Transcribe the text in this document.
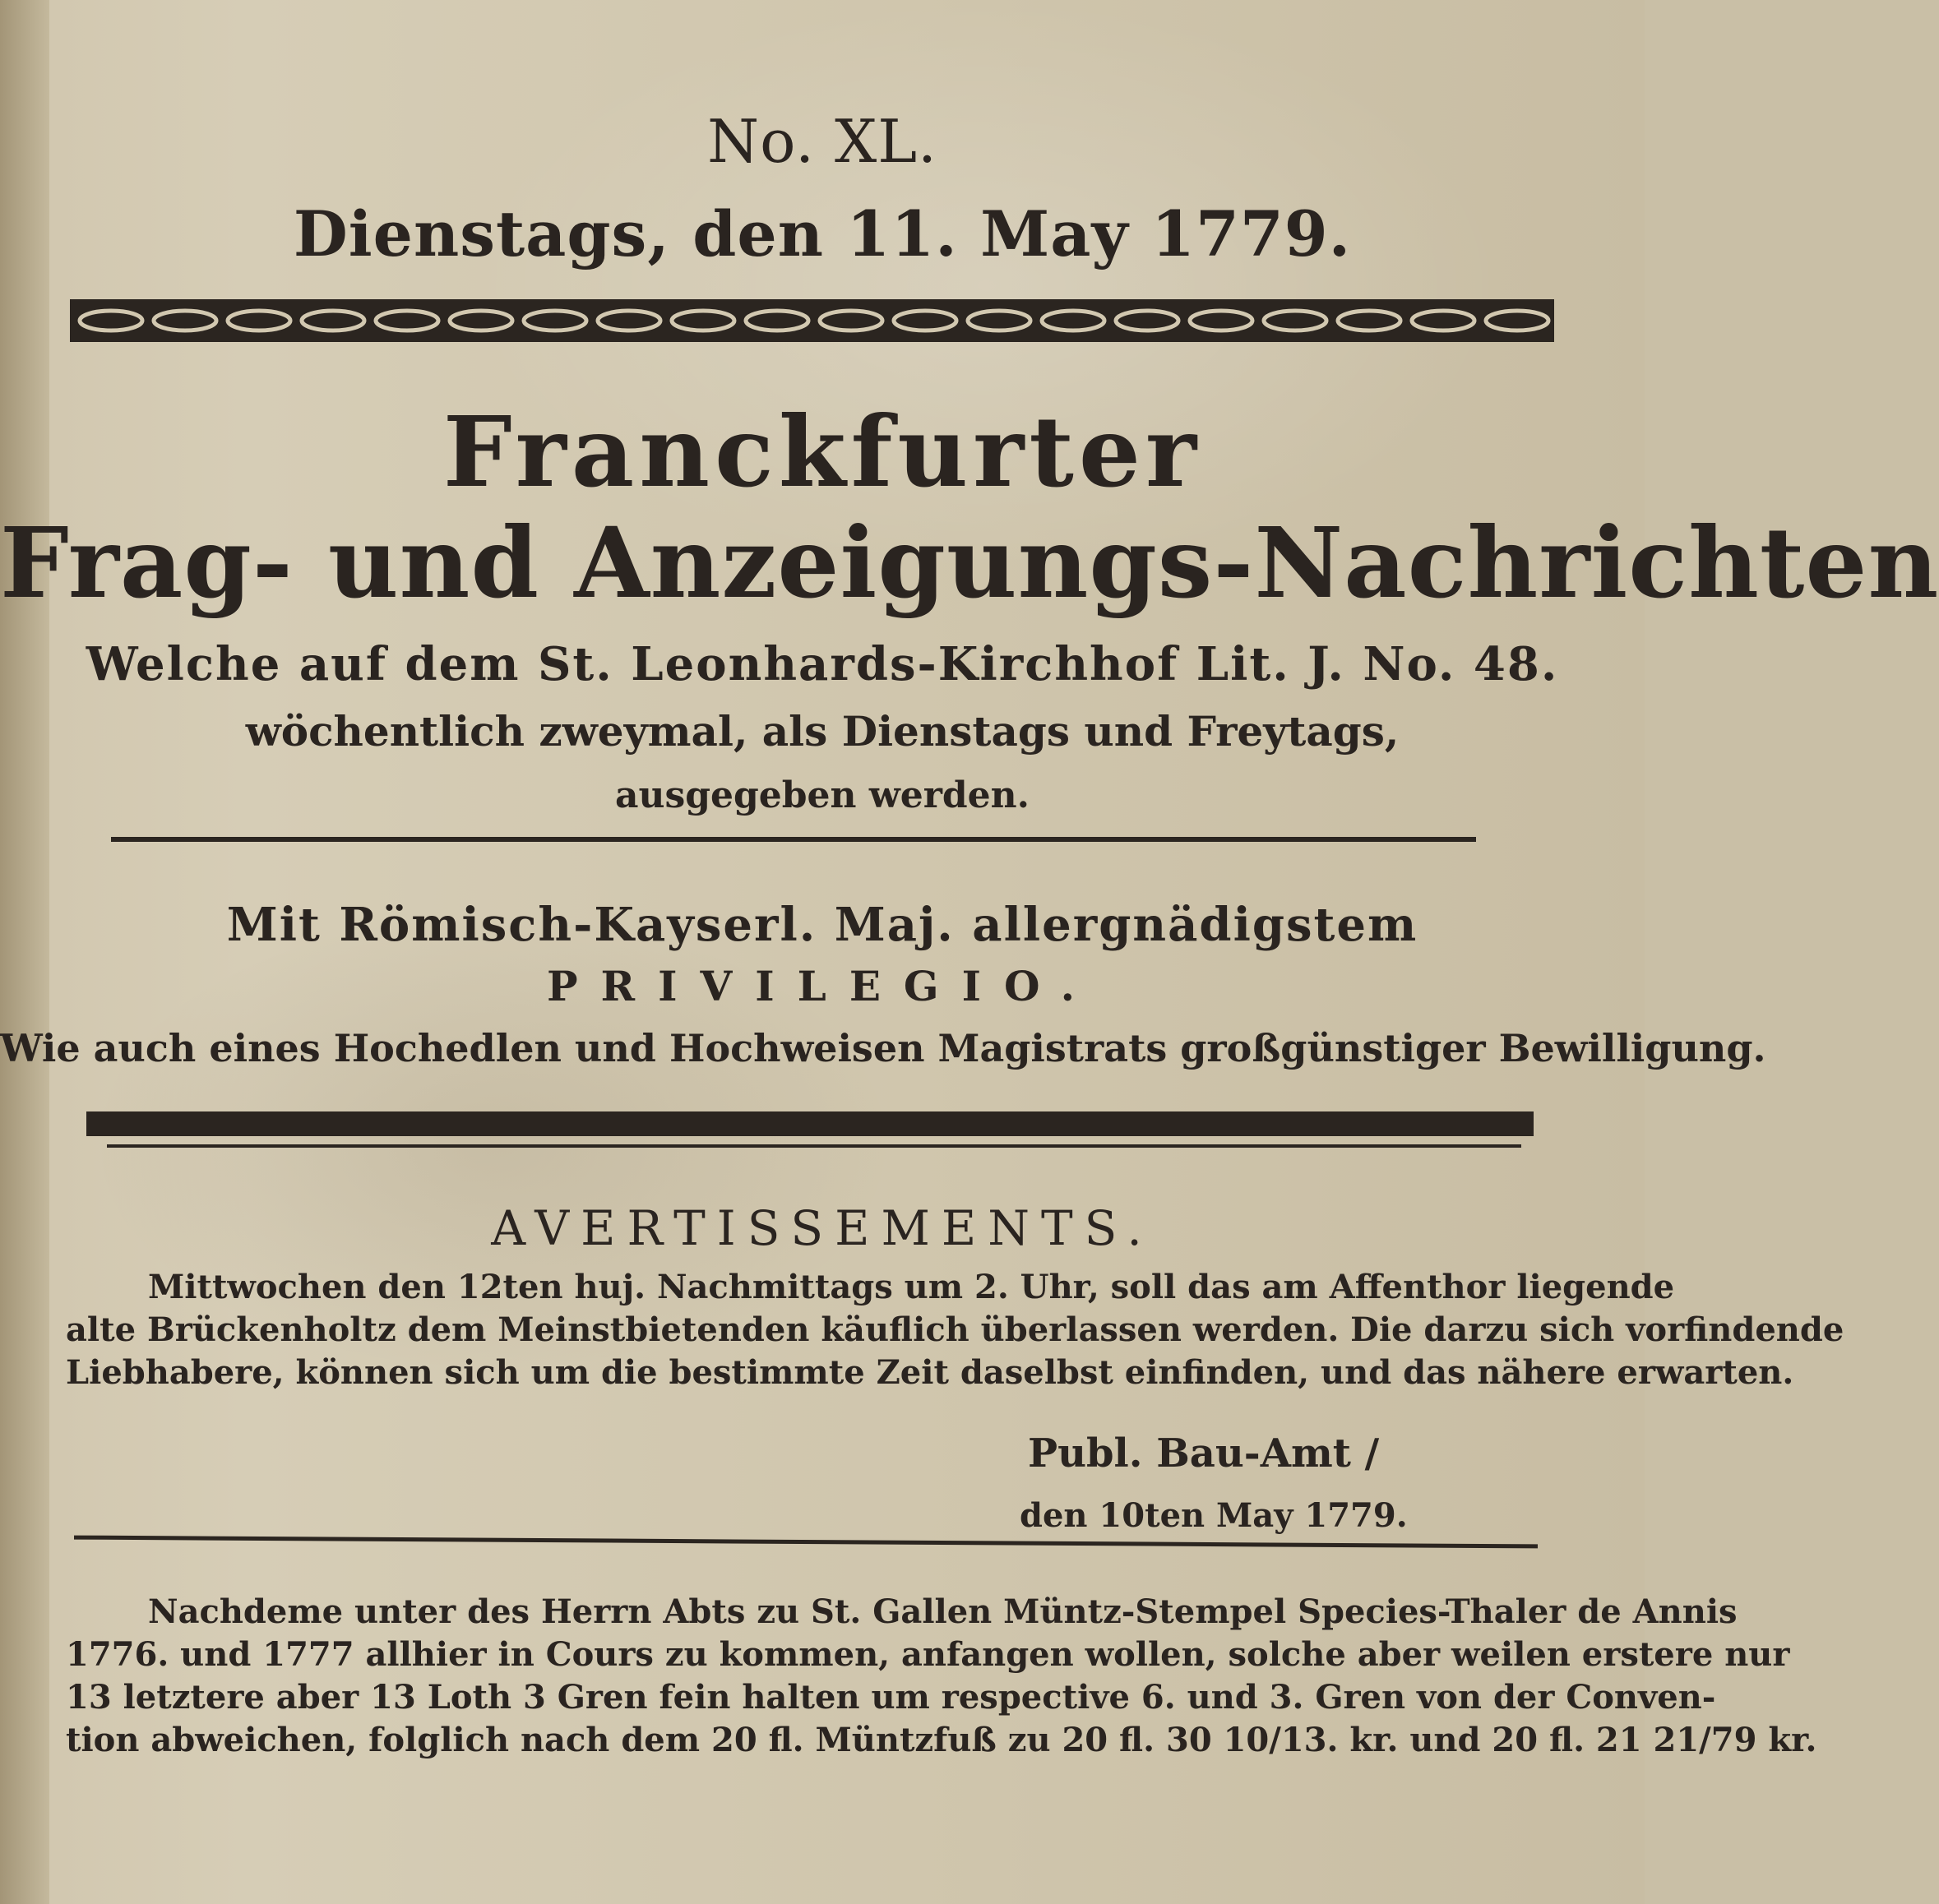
No. XL.
Dienstags, den 11. May 1779.
Franckfurter
Frag- und Anzeigungs-Nachrichten
Welche auf dem St. Leonhards-Kirchhof Lit. J. No. 48.
wöchentlich zweymal, als Dienstags und Freytags,
ausgegeben werden.
Mit Römisch-Kayserl. Maj. allergnädigstem
PRIVILEGIO.
Wie auch eines Hochedlen und Hochweisen Magistrats großgünstiger Bewilligung.
AVERTISSEMENTS.
Mittwochen den 12ten huj. Nachmittags um 2. Uhr, soll das am Affenthor liegende
alte Brückenholtz dem Meinstbietenden käuflich überlassen werden. Die darzu sich vorfindende
Liebhabere, können sich um die bestimmte Zeit daselbst einfinden, und das nähere erwarten.
Publ. Bau-Amt /
den 10ten May 1779.
Nachdeme unter des Herrn Abts zu St. Gallen Müntz-Stempel Species-Thaler de Annis
1776. und 1777 allhier in Cours zu kommen, anfangen wollen, solche aber weilen erstere nur
13 letztere aber 13 Loth 3 Gren fein halten um respective 6. und 3. Gren von der Conven-
tion abweichen, folglich nach dem 20 fl. Müntzfuß zu 20 fl. 30 10/13. kr. und 20 fl. 21 21/79 kr.
